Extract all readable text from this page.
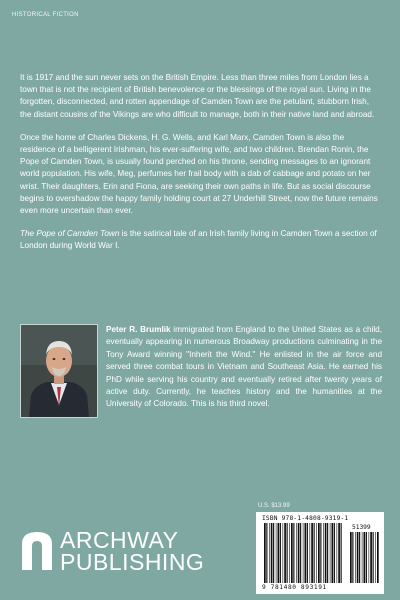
HISTORICAL FICTION

It is 1917 and the sun never sets on the British Empire. Less than three miles from London lies a town that is not the recipient of British benevolence or the blessings of the royal sun. Living in the forgotten, disconnected, and rotten appendage of Camden Town are the petulant, stubborn Irish, the distant cousins of the Vikings are who difficult to manage, both in their native land and abroad.

Once the home of Charles Dickens, H. G. Wells, and Karl Marx, Camden Town is also the residence of a belligerent Irishman, his ever-suffering wife, and two children. Brendan Ronin, the Pope of Camden Town, is usually found perched on his throne, sending messages to an ignorant world population. His wife, Meg, perfumes her frail body with a dab of cabbage and potato on her wrist. Their daughters, Erin and Fiona, are seeking their own paths in life. But as social discourse begins to overshadow the happy family holding court at 27 Underhill Street, now the future remains even more uncertain than ever.

The Pope of Camden Town is the satirical tale of an Irish family living in Camden Town a section of London during World War I.

Peter R. Brumlik immigrated from England to the United States as a child, eventually appearing in numerous Broadway productions culminating in the Tony Award winning "Inherit the Wind." He enlisted in the air force and served three combat tours in Vietnam and Southeast Asia. He earned his PhD while serving his country and eventually retired after twenty years of active duty. Currently, he teaches history and the humanities at the University of Colorado. This is his third novel.
U.S. $13.99
ISBN 978-1-4808-9319-1
51399
9 781480 893191
ARCHWAY
PUBLISHING
